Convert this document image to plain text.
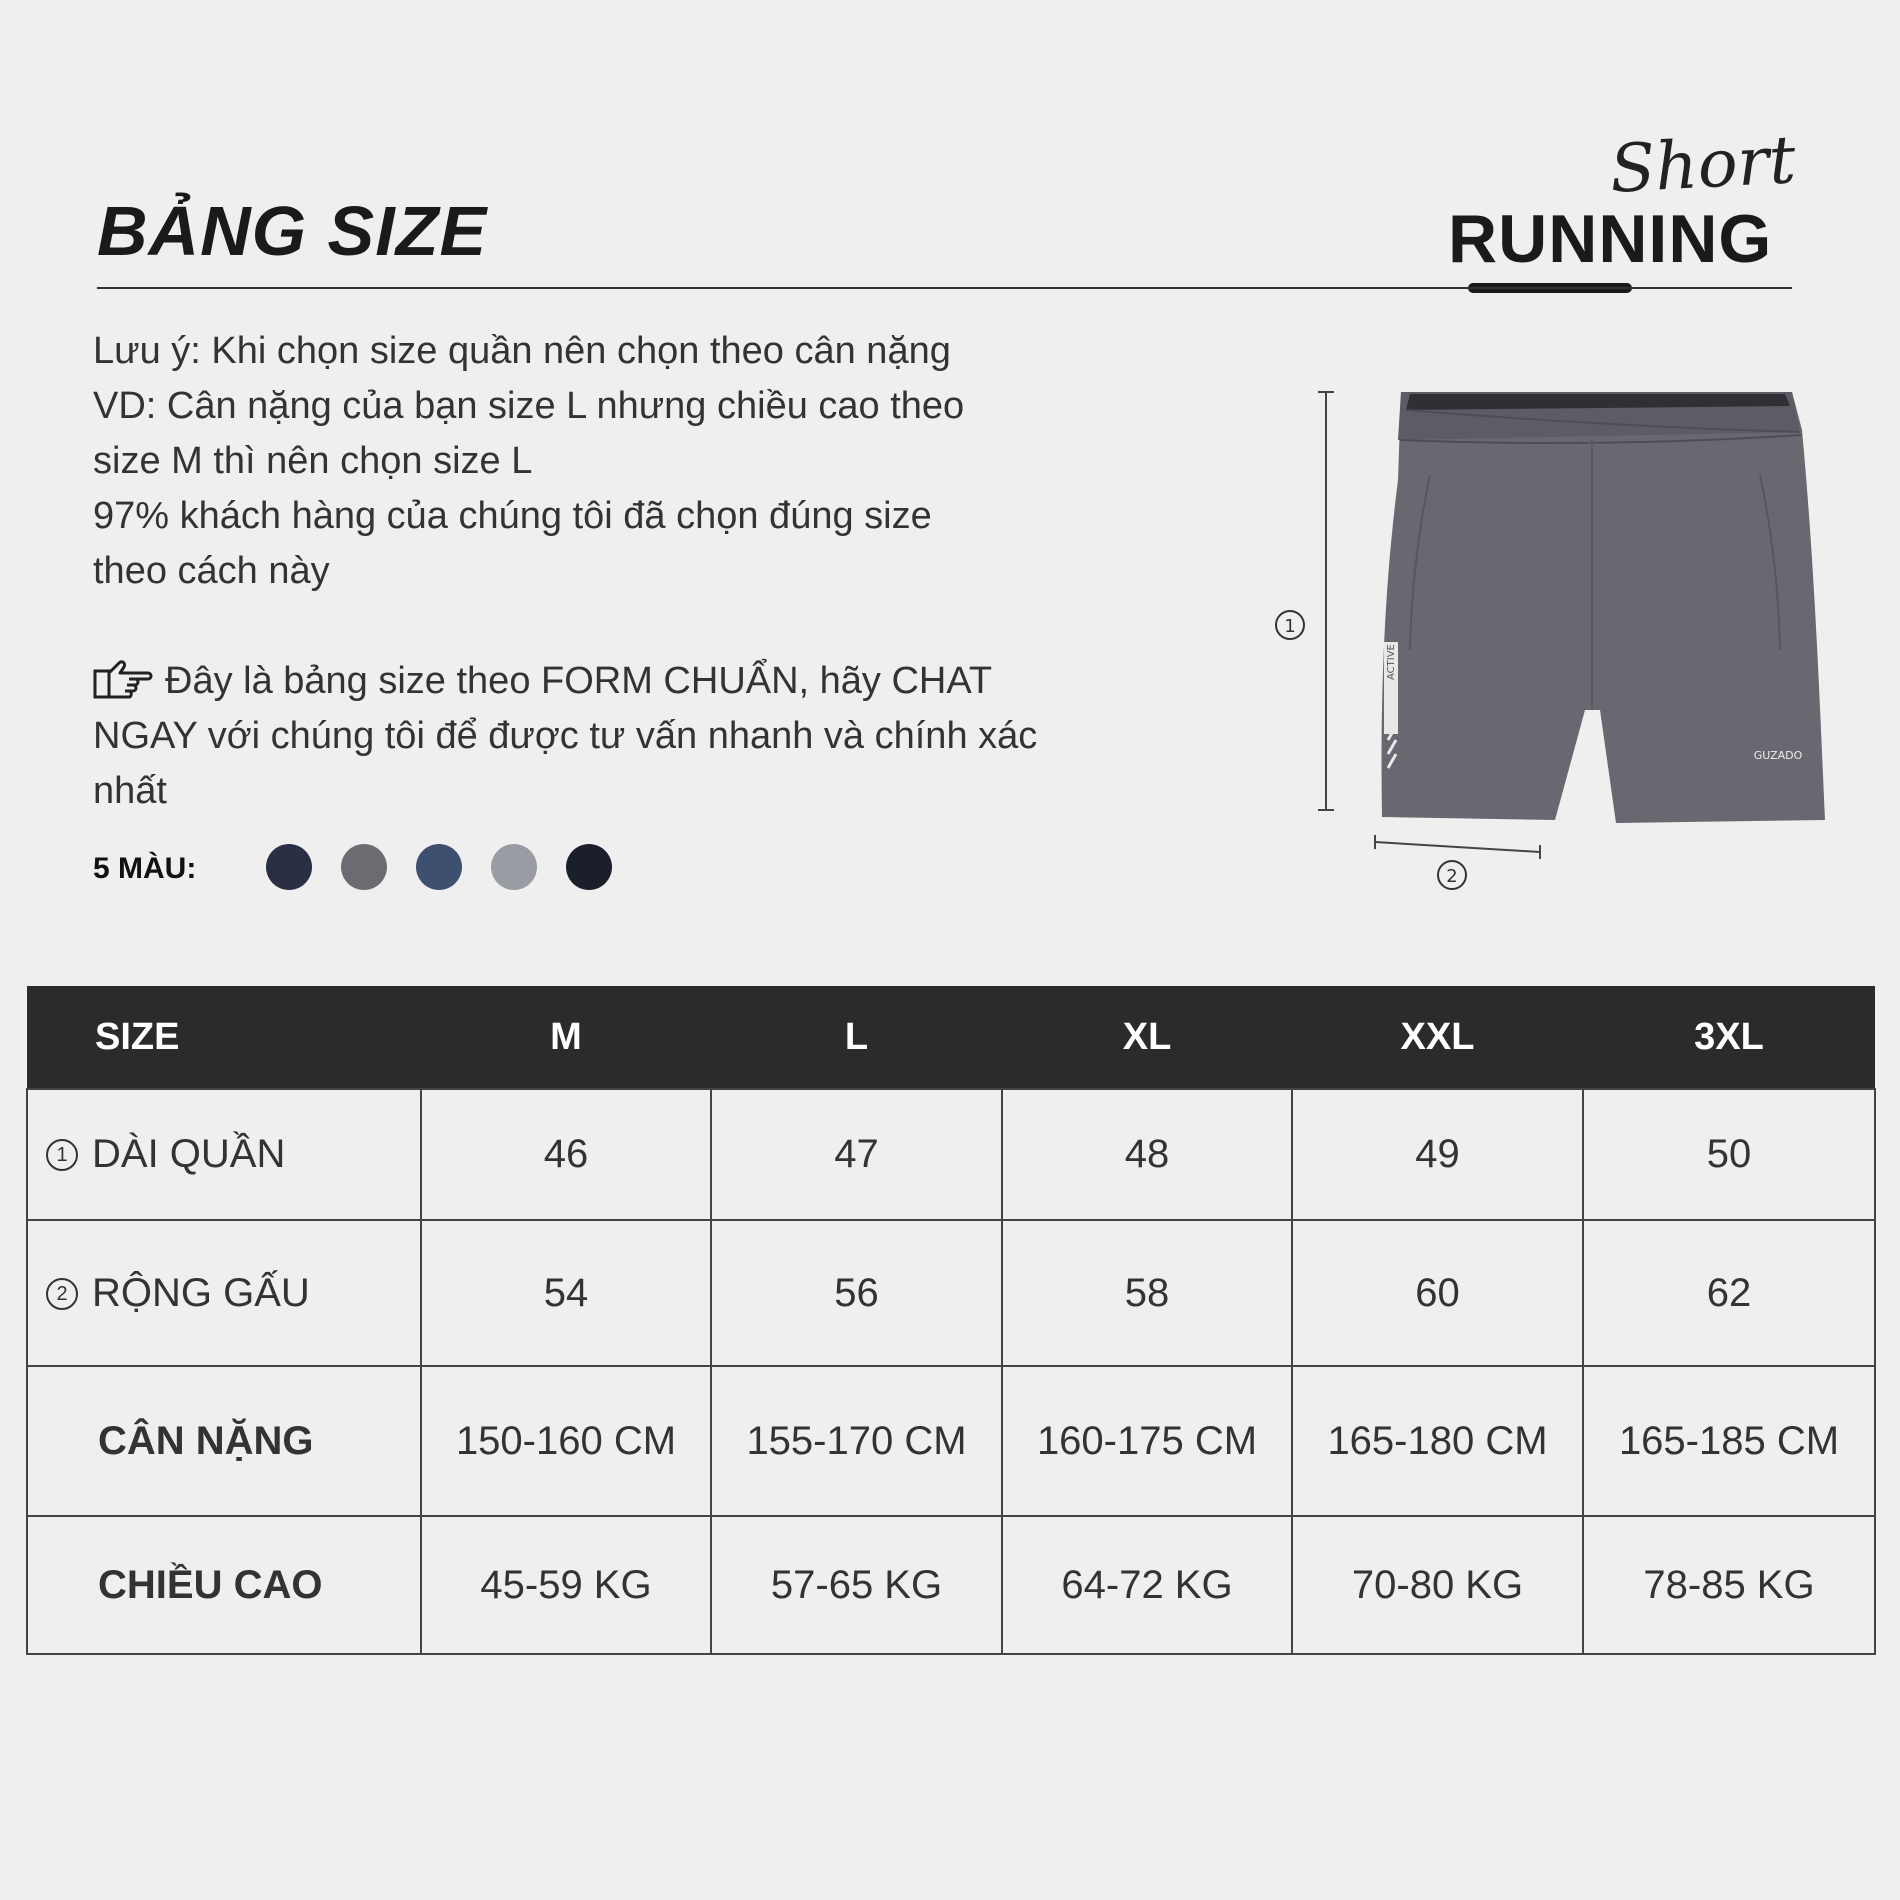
BẢNG SIZE
Short
RUNNING

Lưu ý: Khi chọn size quần nên chọn theo cân nặng

VD: Cân nặng của bạn size L nhưng chiều cao theo

size M thì nên chọn size L

97% khách hàng của chúng tôi đã chọn đúng size

theo cách này

Đây là bảng size theo FORM CHUẨN, hãy CHAT NGAY với chúng tôi để được tư vấn nhanh và chính xác nhất
5 MÀU:
1
2
ACTIVE
GUZADO
SIZE	M	L	XL	XXL	3XL
1 DÀI QUẦN	46	47	48	49	50
2 RỘNG GẤU	54	56	58	60	62
CÂN NẶNG	150-160 CM	155-170 CM	160-175 CM	165-180 CM	165-185 CM
CHIỀU CAO	45-59 KG	57-65 KG	64-72 KG	70-80 KG	78-85 KG
